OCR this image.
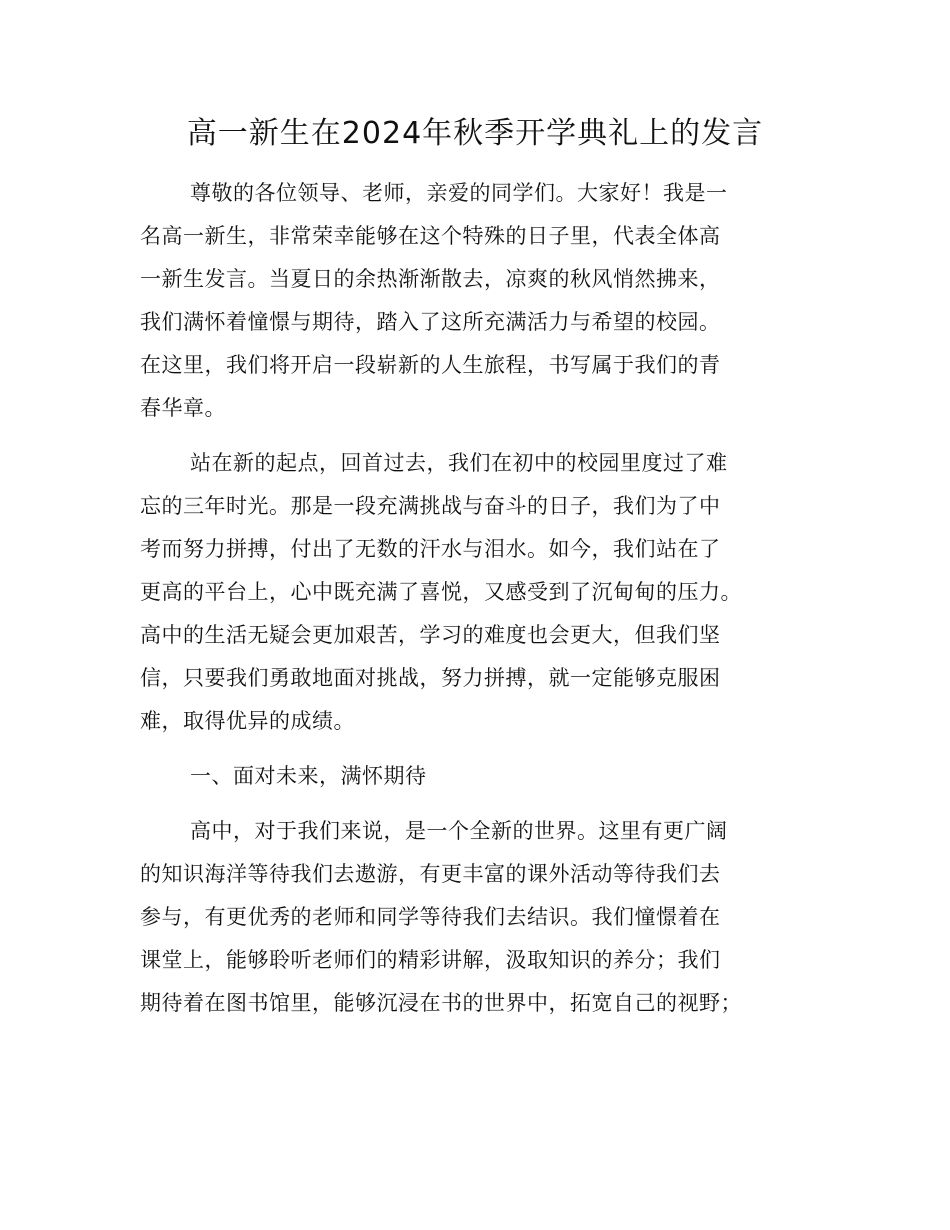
高一新生在2024年秋季开学典礼上的发言

尊敬的各位领导、老师，亲爱的同学们。大家好！我是一
名高一新生，非常荣幸能够在这个特殊的日子里，代表全体高
一新生发言。当夏日的余热渐渐散去，凉爽的秋风悄然拂来，
我们满怀着憧憬与期待，踏入了这所充满活力与希望的校园。
在这里，我们将开启一段崭新的人生旅程，书写属于我们的青
春华章。

站在新的起点，回首过去，我们在初中的校园里度过了难
忘的三年时光。那是一段充满挑战与奋斗的日子，我们为了中
考而努力拼搏，付出了无数的汗水与泪水。如今，我们站在了
更高的平台上，心中既充满了喜悦，又感受到了沉甸甸的压力。
高中的生活无疑会更加艰苦，学习的难度也会更大，但我们坚
信，只要我们勇敢地面对挑战，努力拼搏，就一定能够克服困
难，取得优异的成绩。

一、面对未来，满怀期待

高中，对于我们来说，是一个全新的世界。这里有更广阔
的知识海洋等待我们去遨游，有更丰富的课外活动等待我们去
参与，有更优秀的老师和同学等待我们去结识。我们憧憬着在
课堂上，能够聆听老师们的精彩讲解，汲取知识的养分；我们
期待着在图书馆里，能够沉浸在书的世界中，拓宽自己的视野；
